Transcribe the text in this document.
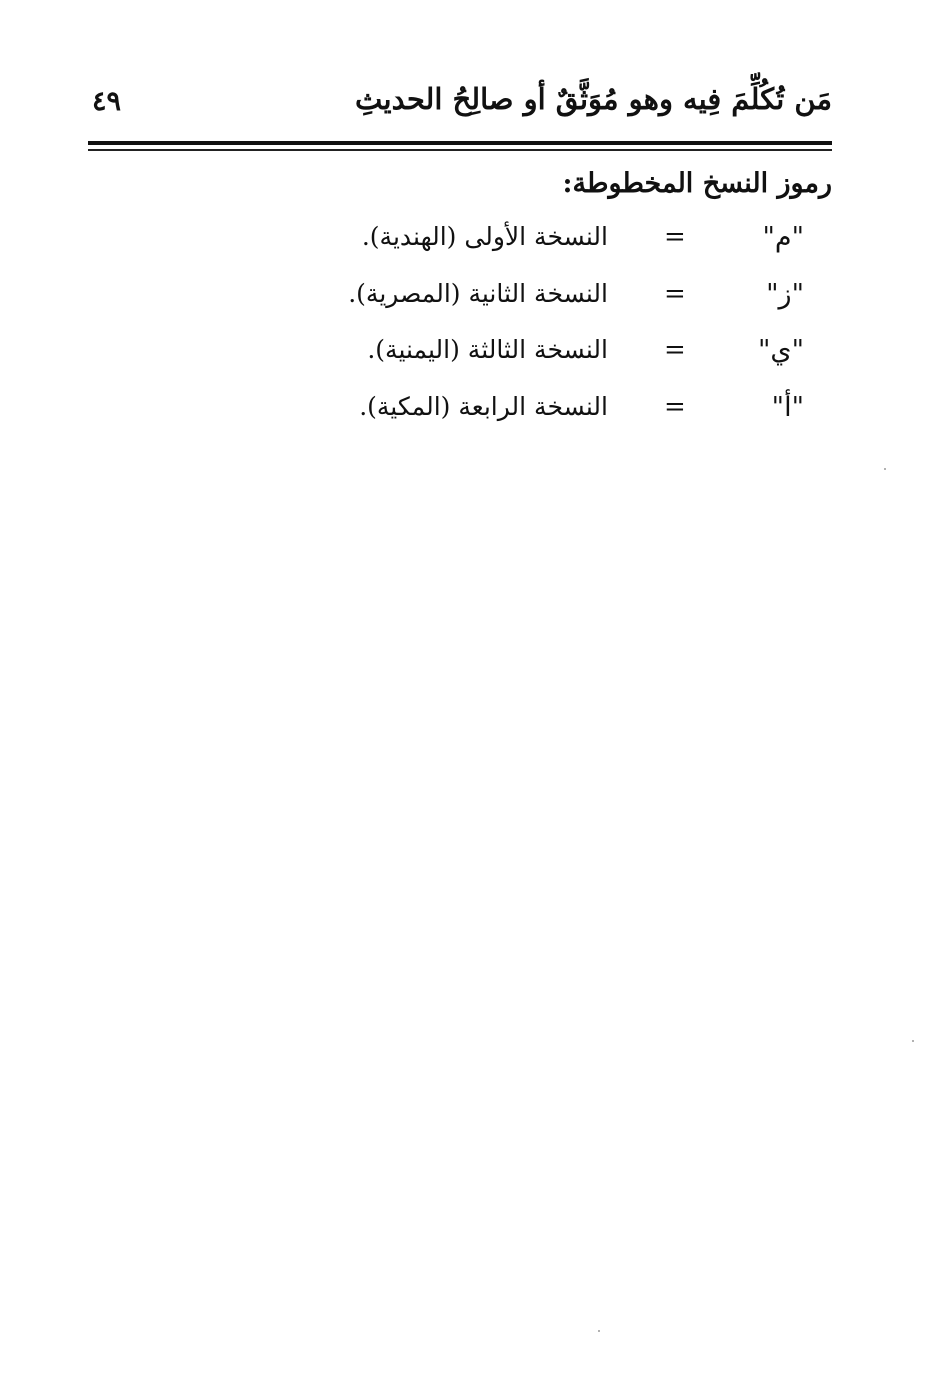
مَن تُكُلِّمَ فِيه وهو مُوَثَّقٌ أو صالِحُ الحديثِ
٤٩
رموز النسخ المخطوطة:
"م"
=
النسخة الأولى (الهندية).
"ز"
=
النسخة الثانية (المصرية).
"ي"
=
النسخة الثالثة (اليمنية).
"أ"
=
النسخة الرابعة (المكية).
